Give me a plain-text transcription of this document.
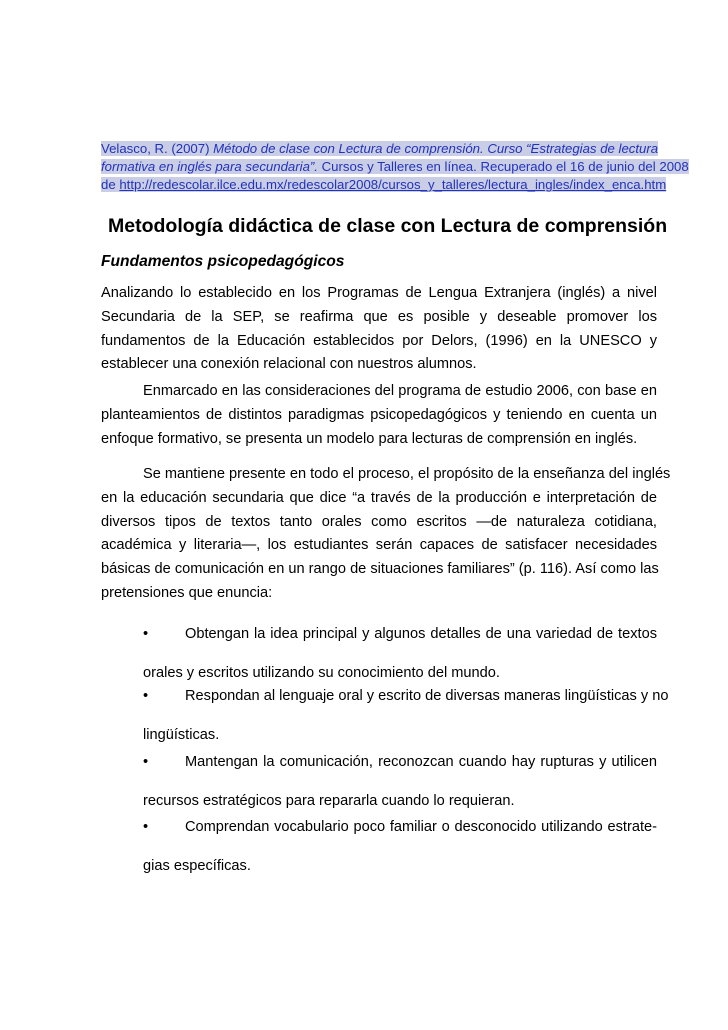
Velasco, R. (2007) Método de clase con Lectura de comprensión. Curso “Estrategias de lectura
formativa en inglés para secundaria”. Cursos y Talleres en línea. Recuperado el 16 de junio del 2008
de http://redescolar.ilce.edu.mx/redescolar2008/cursos_y_talleres/lectura_ingles/index_enca.htm
Metodología didáctica de clase con Lectura de comprensión
Fundamentos psicopedagógicos

Analizando lo establecido en los Programas de Lengua Extranjera (inglés) a nivel
Secundaria de la SEP, se reafirma que es posible y deseable promover los
fundamentos de la Educación establecidos por Delors, (1996) en la UNESCO y
establecer una conexión relacional con nuestros alumnos.

Enmarcado en las consideraciones del programa de estudio 2006, con base en
planteamientos de distintos paradigmas psicopedagógicos y teniendo en cuenta un
enfoque formativo, se presenta un modelo para lecturas de comprensión en inglés.

Se mantiene presente en todo el proceso, el propósito de la enseñanza del inglés
en la educación secundaria que dice “a través de la producción e interpretación de
diversos tipos de textos tanto orales como escritos —de naturaleza cotidiana,
académica y literaria—, los estudiantes serán capaces de satisfacer necesidades
básicas de comunicación en un rango de situaciones familiares” (p. 116). Así como las
pretensiones que enuncia:

•	Obtengan la idea principal y algunos detalles de una variedad de textos
orales y escritos utilizando su conocimiento del mundo.
•	Respondan al lenguaje oral y escrito de diversas maneras lingüísticas y no
lingüísticas.
•	Mantengan la comunicación, reconozcan cuando hay rupturas y utilicen
recursos estratégicos para repararla cuando lo requieran.
•	Comprendan vocabulario poco familiar o desconocido utilizando estrate-
gias específicas.
